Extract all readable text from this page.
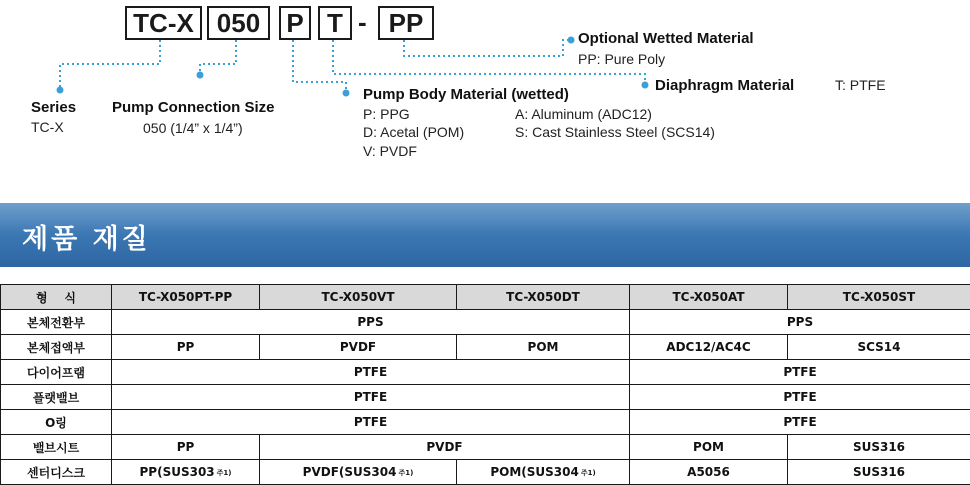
TC-X 050	P T - PP
Series
TC-X
Pump Connection Size
050 (1/4” x 1/4”)
Pump Body Material (wetted)
P: PPG
D: Acetal (POM)
V: PVDF
A: Aluminum (ADC12)
S: Cast Stainless Steel (SCS14)
Optional Wetted Material
PP: Pure Poly
Diaphragm Material	T: PTFE
제품 재질
형    식	TC-X050PT-PP	TC-X050VT	TC-X050DT	TC-X050AT	TC-X050ST
본체전환부	PPS			PPS	
본체접액부	PP	PVDF	POM	ADC12/AC4C	SCS14
다이어프램	PTFE			PTFE	
플랫밸브	PTFE			PTFE	
O링	PTFE			PTFE	
밸브시트	PP	PVDF		POM	SUS316
센터디스크	PP(SUS303 주1)	PVDF(SUS304 주1)	POM(SUS304 주1)	A5056	SUS316
